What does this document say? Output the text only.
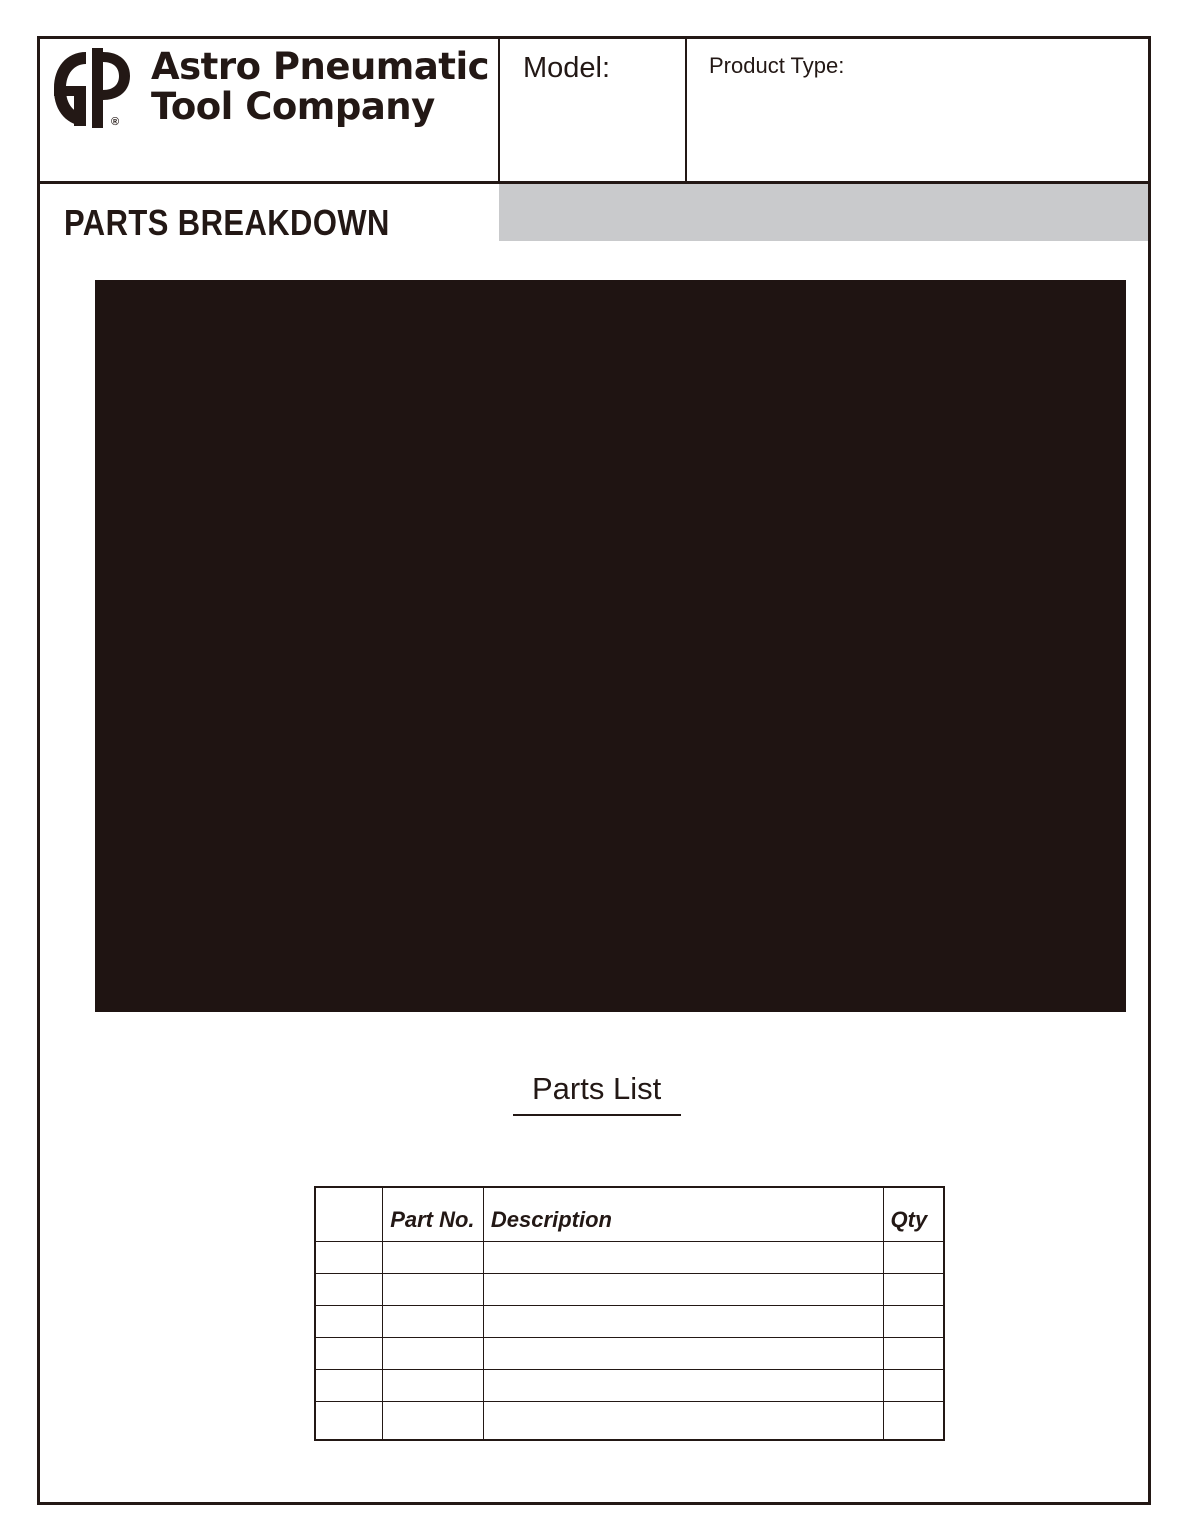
®
Astro Pneumatic
Tool Company
Model:	Product Type:
PARTS BREAKDOWN
Parts List
	Part No.	Description	Qty
